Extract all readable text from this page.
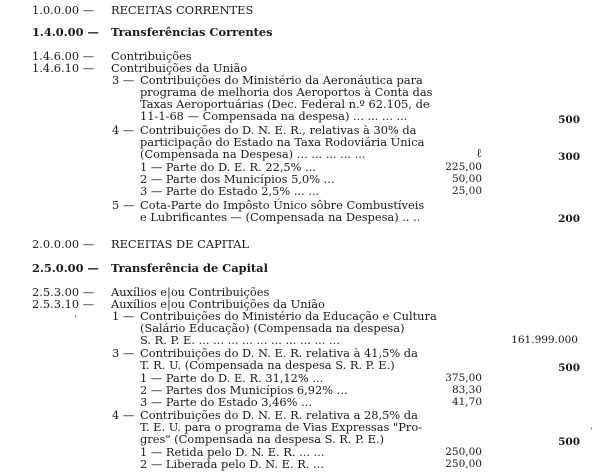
1.0.0.00 — RECEITAS CORRENTES
1.4.0.00 — Transferências Correntes
1.4.6.00 — Contribuições
1.4.6.10 — Contribuições da União
3 — Contribuições do Ministério da Aeronáutica para
programa de melhoria dos Aeroportos à Conta das
Taxas Aeroportuárias (Dec. Federal n.º 62.105, de
11-1-68 — Compensada na despesa) ... ... ... ...	500
4 — Contribuições do D. N. E. R., relativas à 30% da
participação do Estado na Taxa Rodoviária Única
(Compensada na Despesa) ... ... ... ... ...	300
1 — Parte do D. E. R. 22,5% ...	225,00
2 — Parte dos Municípios 5,0% ...	50,00
3 — Parte do Estado 2,5% ... ...	25,00
ℓ
5 — Cota-Parte do Impôsto Único sôbre Combustíveis
e Lubrificantes — (Compensada na Despesa) .. ..	200
2.0.0.00 — RECEITAS DE CAPITAL
2.5.0.00 — Transferência de Capital
2.5.3.00 — Auxílios e|ou Contribuições
2.5.3.10 — Auxílios e|ou Contribuições da União
1 — Contribuições do Ministério da Educação e Cultura
(Salário Educação) (Compensada na despesa)
S. R. P. E. ... ... ... ... ... ... ... ... ... ...	161.999.000
3 — Contribuições do D. N. E. R. relativa à 41,5% da
T. R. U. (Compensada na despesa S. R. P. E.)	500
1 — Parte do D. E. R. 31,12% ...	375,00
2 — Partes dos Municípios 6,92% ...	83,30
3 — Parte do Estado 3,46% ...	41,70
4 — Contribuições do D. N. E. R. relativa a 28,5% da
T. E. U. para o programa de Vias Expressas "Pro-
gres" (Compensada na despesa S. R. P. E.)	500
1 — Retida pelo D. N. E. R. ... ...	250,00
2 — Liberada pelo D. N. E. R. ...	250,00
·
·
